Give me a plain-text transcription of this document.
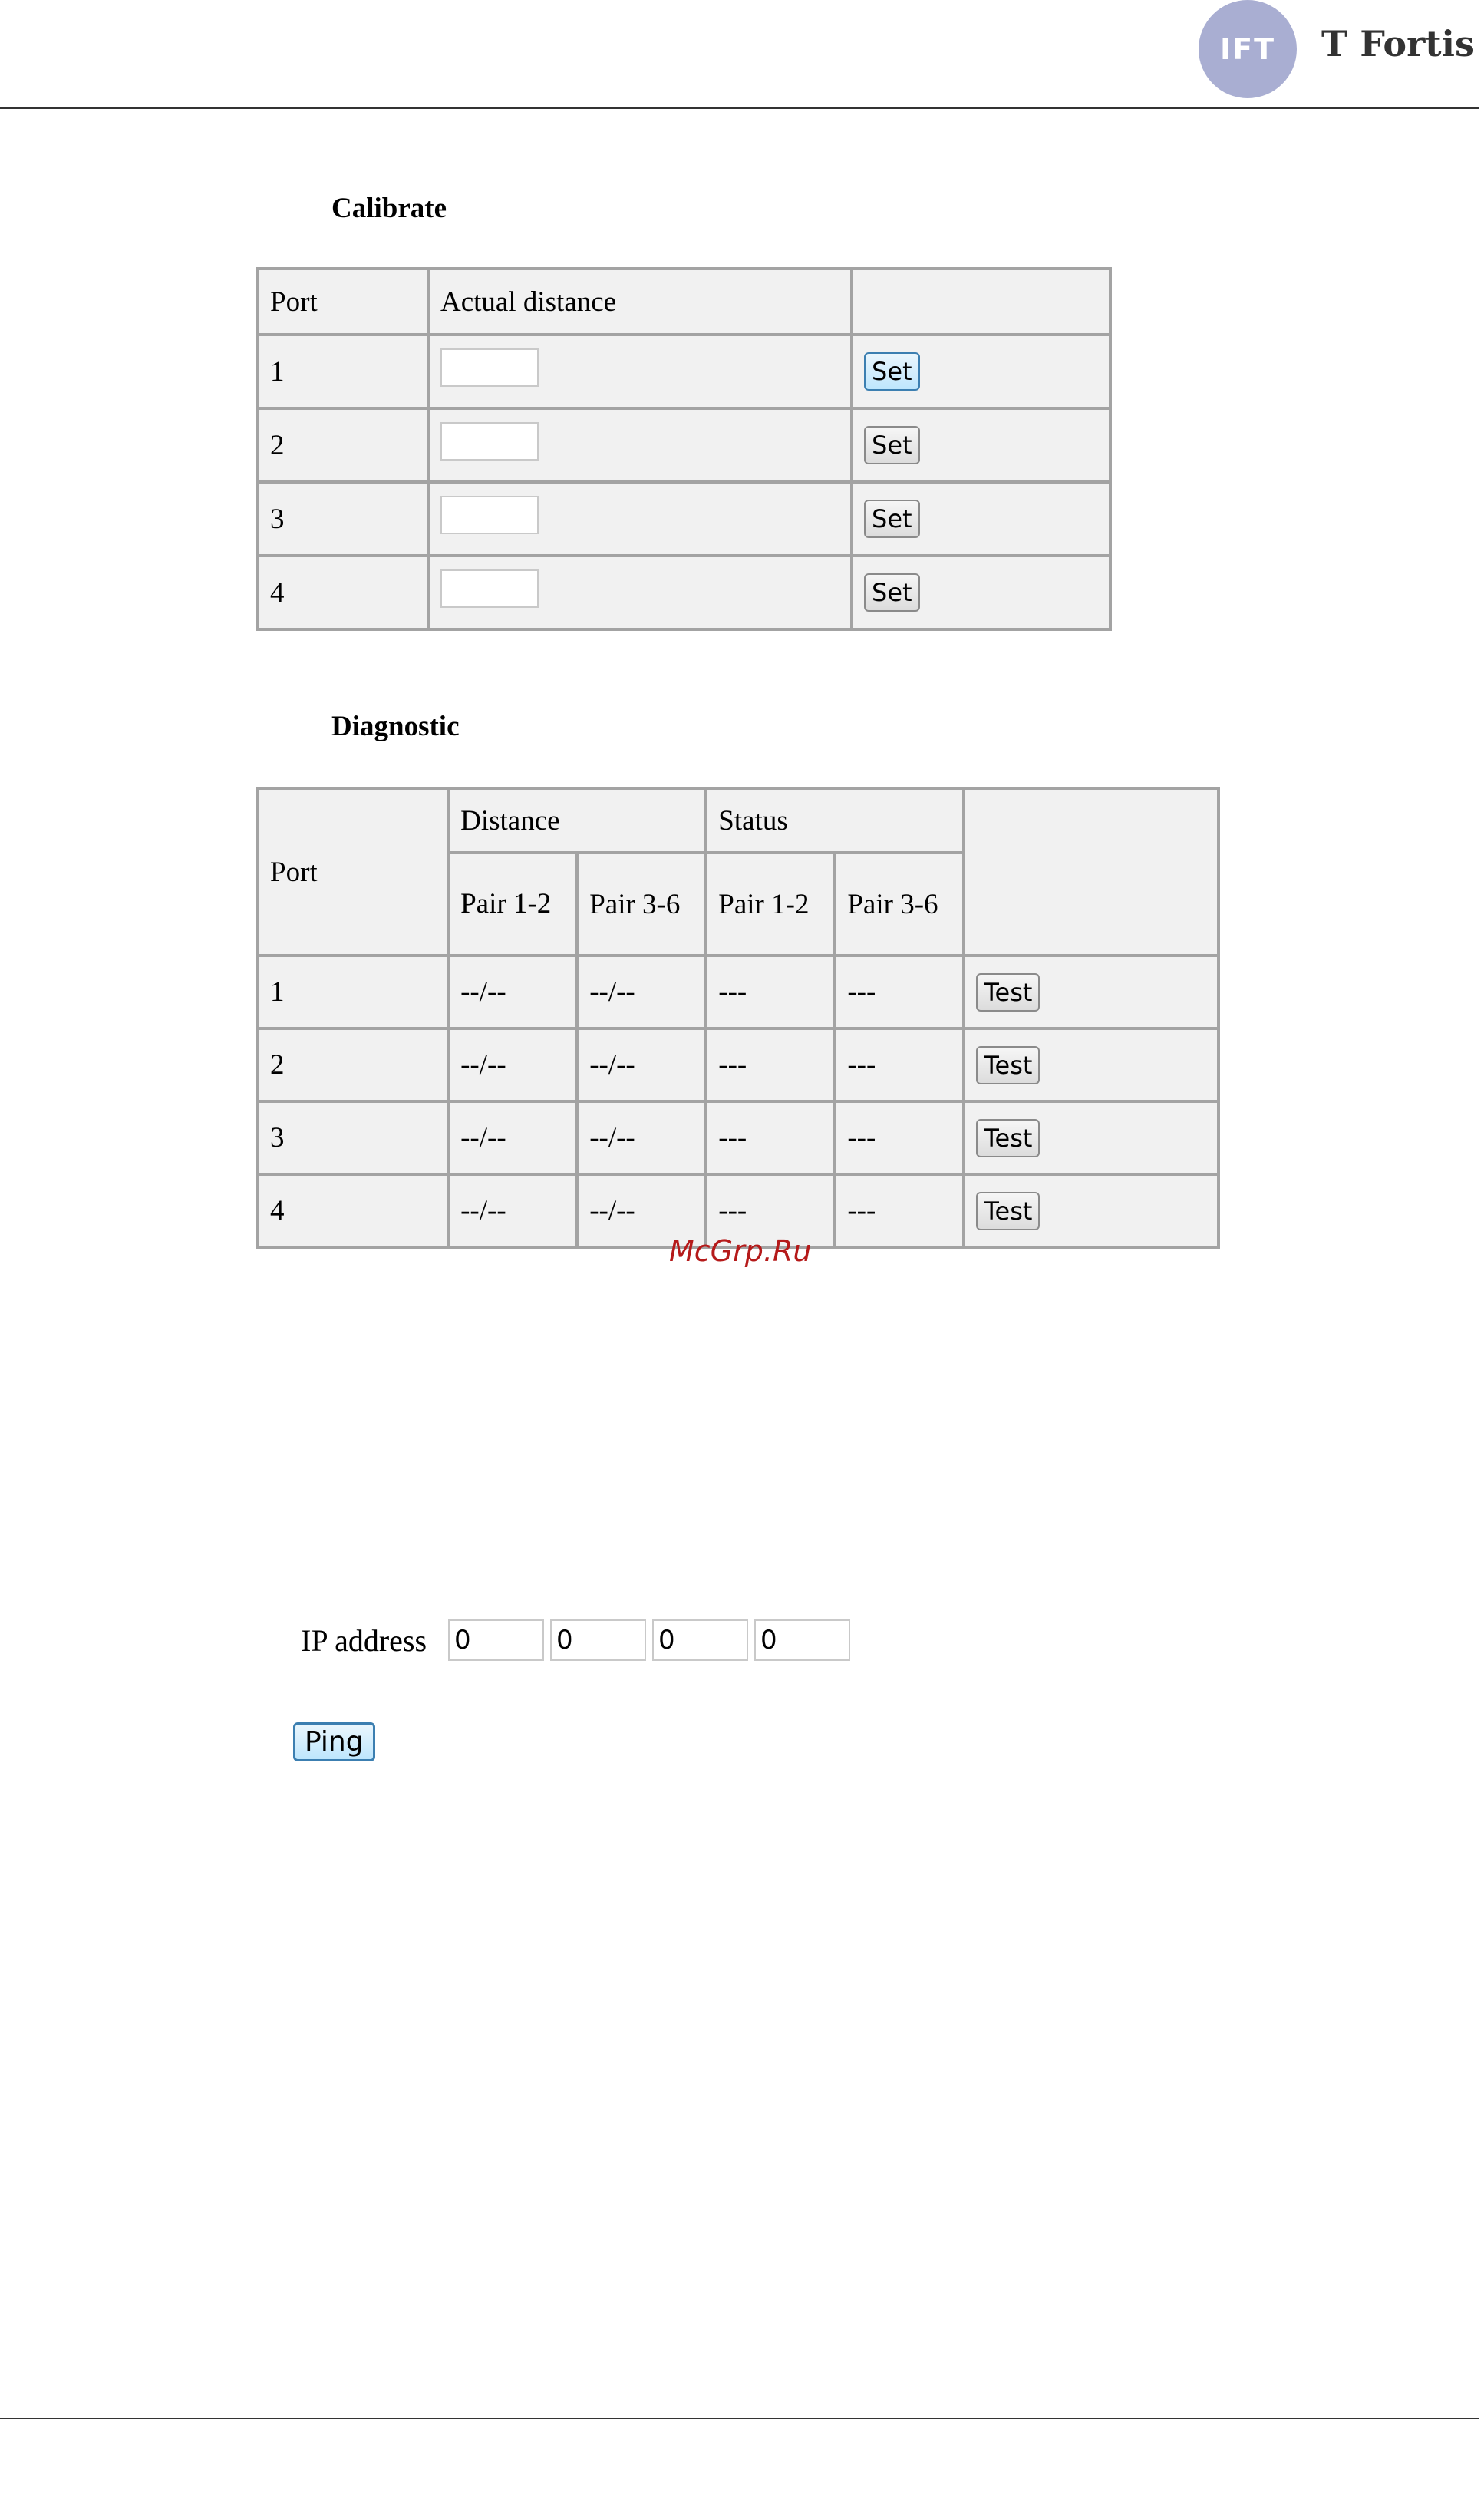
IFT T Fortis
Calibrate
Port	Actual distance	
1		Set
2		Set
3		Set
4		Set
Diagnostic
Port	Distance		Status		
	Pair 1-2	Pair 3-6	Pair 1-2	Pair 3-6	
1	--/--	--/--	---	---	Test
2	--/--	--/--	---	---	Test
3	--/--	--/--	---	---	Test
4	--/--	--/--	---	---	Test
McGrp.Ru
IP address 0	0	0	0
Ping
